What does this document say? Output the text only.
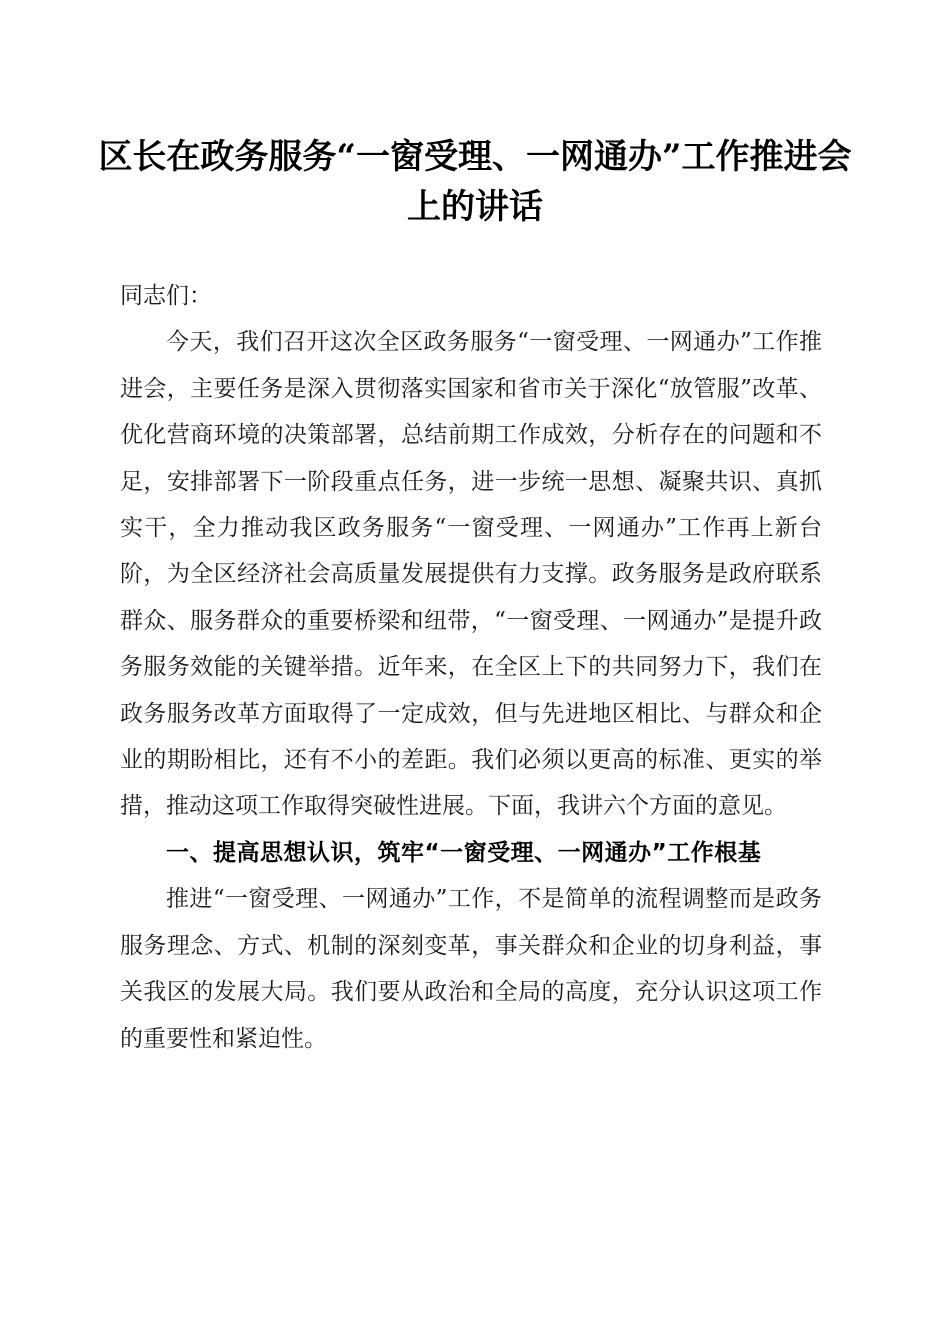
区长在政务服务“一窗受理、一网通办”工作推进会上的讲话

同志们：

今天，我们召开这次全区政务服务“一窗受理、一网通办”工作推进会，主要任务是深入贯彻落实国家和省市关于深化“放管服”改革、优化营商环境的决策部署，总结前期工作成效，分析存在的问题和不足，安排部署下一阶段重点任务，进一步统一思想、凝聚共识、真抓实干，全力推动我区政务服务“一窗受理、一网通办”工作再上新台阶，为全区经济社会高质量发展提供有力支撑。政务服务是政府联系群众、服务群众的重要桥梁和纽带，“一窗受理、一网通办”是提升政务服务效能的关键举措。近年来，在全区上下的共同努力下，我们在政务服务改革方面取得了一定成效，但与先进地区相比、与群众和企业的期盼相比，还有不小的差距。我们必须以更高的标准、更实的举措，推动这项工作取得突破性进展。下面，我讲六个方面的意见。

一、提高思想认识，筑牢“一窗受理、一网通办”工作根基

推进“一窗受理、一网通办”工作，不是简单的流程调整而是政务服务理念、方式、机制的深刻变革，事关群众和企业的切身利益，事关我区的发展大局。我们要从政治和全局的高度，充分认识这项工作的重要性和紧迫性。
